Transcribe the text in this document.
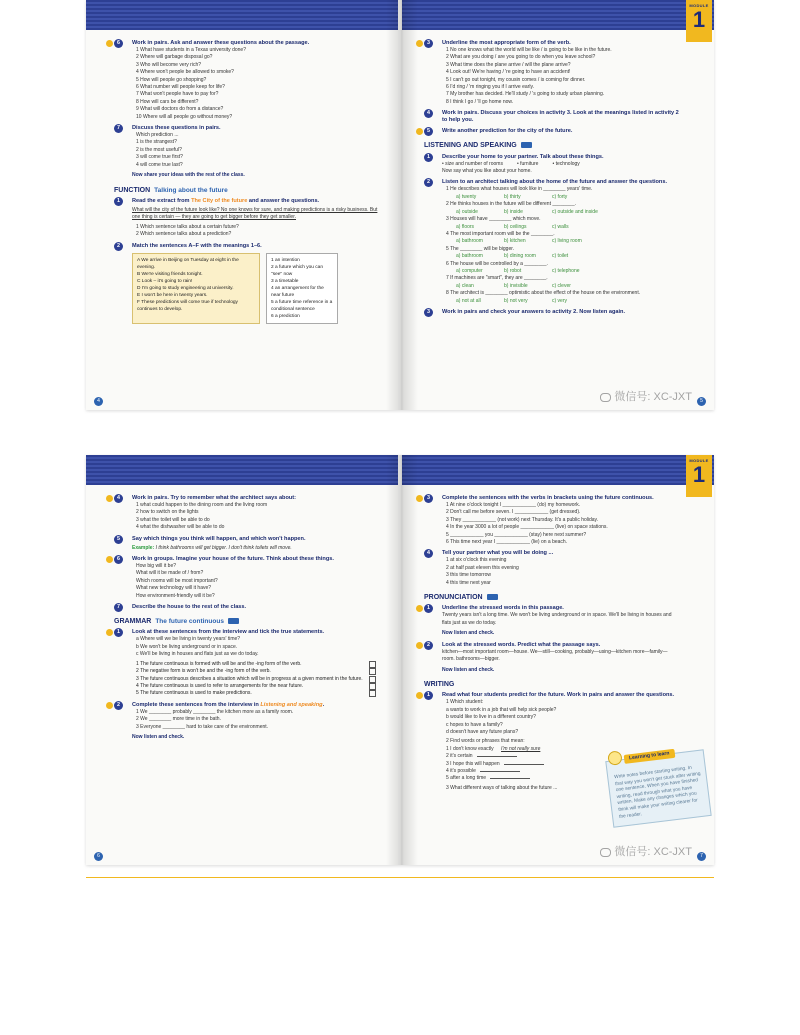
6	Work in pairs. Ask and answer these questions about the passage.
1 What have students in a Texas university done?
2 Where will garbage disposal go?
3 Who will become very rich?
4 Where won't people be allowed to smoke?
5 How will people go shopping?
6 What number will people keep for life?
7 What won't people have to pay for?
8 How will cars be different?
9 What will doctors do from a distance?
10 Where will all people go without money?
7	Discuss these questions in pairs.
Which prediction ...
1 is the strangest?
2 is the most useful?
3 will come true first?
4 will come true last?
Now share your ideas with the rest of the class.
FUNCTION Talking about the future
1	Read the extract from The City of the future and answer the questions.
What will the city of the future look like? No one knows for sure, and making predictions is a risky business. But one thing is certain — they are going to get bigger before they get smaller.
1 Which sentence talks about a certain future?
2 Which sentence talks about a prediction?
2	Match the sentences A–F with the meanings 1–6.
A We arrive in Beijing on Tuesday at eight in the evening.
B We're visiting friends tonight.
C Look – it's going to rain!
D I'm going to study engineering at university.
E I won't be here in twenty years.
F These predictions will come true if technology continues to develop.
1 an intention
2 a future which you can "see" now
3 a timetable
4 an arrangement for the near future
5 a future time reference in a conditional sentence
6 a prediction
4
MODULE
1
3	Underline the most appropriate form of the verb.
1 No one knows what the world will be like / is going to be like in the future.
2 What are you doing / are you going to do when you leave school?
3 What time does the plane arrive / will the plane arrive?
4 Look out! We're having / 're going to have an accident!
5 I can't go out tonight, my cousin comes / is coming for dinner.
6 I'd ring / 'm ringing you if I arrive early.
7 My brother has decided. He'll study / 's going to study urban planning.
8 I think I go / 'll go home now.
4	Work in pairs. Discuss your choices in activity 3. Look at the meanings listed in activity 2 to help you.
5	Write another prediction for the city of the future.
LISTENING AND SPEAKING
1	Describe your home to your partner. Talk about these things.
• size and number of rooms	• furniture	• technology
Now say what you like about your home.
2	Listen to an architect talking about the home of the future and answer the questions.
1 He describes what houses will look like in ________ years' time.
a) twenty	b) thirty	c) forty
2 He thinks houses in the future will be different ________.
a) outside	b) inside	c) outside and inside
3 Houses will have ________ which move.
a) floors	b) ceilings	c) walls
4 The most important room will be the ________.
a) bathroom	b) kitchen	c) living room
5 The ________ will be bigger.
a) bathroom	b) dining room	c) toilet
6 The house will be controlled by a ________.
a) computer	b) robot	c) telephone
7 If machines are "smart", they are ________.
a) clean	b) invisible	c) clever
8 The architect is ________ optimistic about the effect of the house on the environment.
a) not at all	b) not very	c) very
3	Work in pairs and check your answers to activity 2. Now listen again.
微信号: XC-JXT	5
4	Work in pairs. Try to remember what the architect says about:
1 what could happen to the dining room and the living room
2 how to switch on the lights
3 what the toilet will be able to do
4 what the dishwasher will be able to do
5	Say which things you think will happen, and which won't happen.
Example: I think bathrooms will get bigger. I don't think toilets will move.
6	Work in groups. Imagine your house of the future. Think about these things.
How big will it be?
What will it be made of / from?
Which rooms will be most important?
What new technology will it have?
How environment-friendly will it be?
7	Describe the house to the rest of the class.
GRAMMAR The future continuous
1	Look at these sentences from the interview and tick the true statements.
a Where will we be living in twenty years' time?
b We won't be living underground or in space.
c We'll be living in houses and flats just as we do today.
1 The future continuous is formed with will be and the -ing form of the verb.
2 The negative form is won't be and the -ing form of the verb.
3 The future continuous describes a situation which will be in progress at a given moment in the future.
4 The future continuous is used to refer to arrangements for the near future.
5 The future continuous is used to make predictions.
2	Complete these sentences from the interview in Listening and speaking.
1 We ________ probably ________ the kitchen more as a family room.
2 We ________ more time in the bath.
3 Everyone ________ hard to take care of the environment.
Now listen and check.
6
MODULE
1
3	Complete the sentences with the verbs in brackets using the future continuous.
1 At nine o'clock tonight I ____________ (do) my homework.
2 Don't call me before seven. I ____________ (get dressed).
3 They ____________ (not work) next Thursday. It's a public holiday.
4 In the year 3000 a lot of people ____________ (live) on space stations.
5 ____________ you ____________ (stay) here next summer?
6 This time next year I ____________ (lie) on a beach.
4	Tell your partner what you will be doing ...
1 at six o'clock this evening
2 at half past eleven this evening
3 this time tomorrow
4 this time next year
PRONUNCIATION
1	Underline the stressed words in this passage.
Twenty years isn't a long time. We won't be living underground or in space. We'll be living in houses and flats just as we do today.
Now listen and check.
2	Look at the stressed words. Predict what the passage says.
kitchen—most important room—house. We—still—cooking, probably—using—kitchen more—family—room. bathrooms—bigger.
Now listen and check.
WRITING
1	Read what four students predict for the future. Work in pairs and answer the questions.
1 Which student:
a wants to work in a job that will help sick people?
b would like to live in a different country?
c hopes to have a family?
d doesn't have any future plans?
2 Find words or phrases that mean:
1 I don't know exactly I'm not really sure
2 it's certain
3 I hope this will happen
4 it's possible
5 after a long time
3 What different ways of talking about the future ...
Learning to learn
Write notes before starting writing. In that way you won't get stuck after writing one sentence. When you have finished writing, read through what you have written. Make any changes which you think will make your writing clearer for the reader.
微信号: XC-JXT	7
